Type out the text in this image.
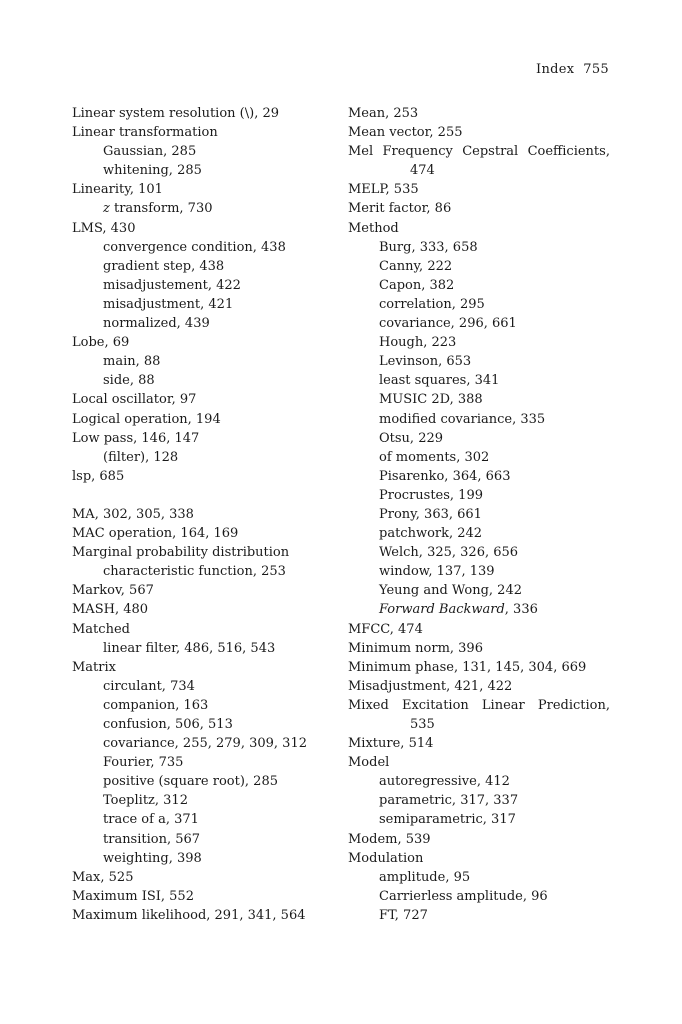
Index 755
Linear system resolution (\), 29
Linear transformation
Gaussian, 285
whitening, 285
Linearity, 101
z transform, 730
LMS, 430
convergence condition, 438
gradient step, 438
misadjustement, 422
misadjustment, 421
normalized, 439
Lobe, 69
main, 88
side, 88
Local oscillator, 97
Logical operation, 194
Low pass, 146, 147
(filter), 128
lsp, 685
MA, 302, 305, 338
MAC operation, 164, 169
Marginal probability distribution
characteristic function, 253
Markov, 567
MASH, 480
Matched
linear filter, 486, 516, 543
Matrix
circulant, 734
companion, 163
confusion, 506, 513
covariance, 255, 279, 309, 312
Fourier, 735
positive (square root), 285
Toeplitz, 312
trace of a, 371
transition, 567
weighting, 398
Max, 525
Maximum ISI, 552
Maximum likelihood, 291, 341, 564
Mean, 253
Mean vector, 255
Mel Frequency Cepstral Coefficients,
474
MELP, 535
Merit factor, 86
Method
Burg, 333, 658
Canny, 222
Capon, 382
correlation, 295
covariance, 296, 661
Hough, 223
Levinson, 653
least squares, 341
MUSIC 2D, 388
modified covariance, 335
Otsu, 229
of moments, 302
Pisarenko, 364, 663
Procrustes, 199
Prony, 363, 661
patchwork, 242
Welch, 325, 326, 656
window, 137, 139
Yeung and Wong, 242
Forward Backward, 336
MFCC, 474
Minimum norm, 396
Minimum phase, 131, 145, 304, 669
Misadjustment, 421, 422
Mixed Excitation Linear Prediction,
535
Mixture, 514
Model
autoregressive, 412
parametric, 317, 337
semiparametric, 317
Modem, 539
Modulation
amplitude, 95
Carrierless amplitude, 96
FT, 727
